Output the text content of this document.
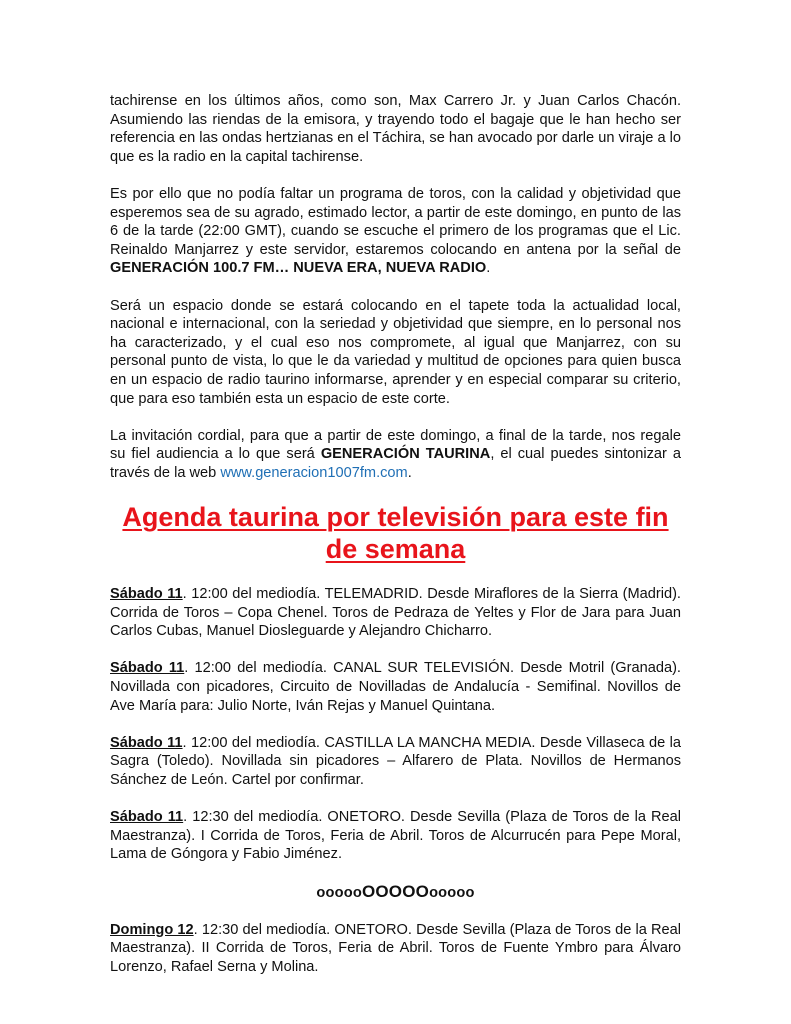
tachirense en los últimos años, como son, Max Carrero Jr. y Juan Carlos Chacón. Asumiendo las riendas de la emisora, y trayendo todo el bagaje que le han hecho ser referencia en las ondas hertzianas en el Táchira, se han avocado por darle un viraje a lo que es la radio en la capital tachirense.

Es por ello que no podía faltar un programa de toros, con la calidad y objetividad que esperemos sea de su agrado, estimado lector, a partir de este domingo, en punto de las 6 de la tarde (22:00 GMT), cuando se escuche el primero de los programas que el Lic. Reinaldo Manjarrez y este servidor, estaremos colocando en antena por la señal de GENERACIÓN 100.7 FM… NUEVA ERA, NUEVA RADIO.

Será un espacio donde se estará colocando en el tapete toda la actualidad local, nacional e internacional, con la seriedad y objetividad que siempre, en lo personal nos ha caracterizado, y el cual eso nos compromete, al igual que Manjarrez, con su personal punto de vista, lo que le da variedad y multitud de opciones para quien busca en un espacio de radio taurino informarse, aprender y en especial comparar su criterio, que para eso también esta un espacio de este corte.

La invitación cordial, para que a partir de este domingo, a final de la tarde, nos regale su fiel audiencia a lo que será GENERACIÓN TAURINA, el cual puedes sintonizar a través de la web www.generacion1007fm.com.

Agenda taurina por televisión para este fin de semana

Sábado 11. 12:00 del mediodía. TELEMADRID. Desde Miraflores de la Sierra (Madrid). Corrida de Toros – Copa Chenel. Toros de Pedraza de Yeltes y Flor de Jara para Juan Carlos Cubas, Manuel Diosleguarde y Alejandro Chicharro.

Sábado 11. 12:00 del mediodía. CANAL SUR TELEVISIÓN. Desde Motril (Granada). Novillada con picadores, Circuito de Novilladas de Andalucía - Semifinal. Novillos de Ave María para: Julio Norte, Iván Rejas y Manuel Quintana.

Sábado 11. 12:00 del mediodía. CASTILLA LA MANCHA MEDIA. Desde Villaseca de la Sagra (Toledo). Novillada sin picadores – Alfarero de Plata. Novillos de Hermanos Sánchez de León. Cartel por confirmar.

Sábado 11. 12:30 del mediodía. ONETORO. Desde Sevilla (Plaza de Toros de la Real Maestranza). I Corrida de Toros, Feria de Abril. Toros de Alcurrucén para Pepe Moral, Lama de Góngora y Fabio Jiménez.

oooooOOOOOooooo

Domingo 12. 12:30 del mediodía. ONETORO. Desde Sevilla (Plaza de Toros de la Real Maestranza). II Corrida de Toros, Feria de Abril. Toros de Fuente Ymbro para Álvaro Lorenzo, Rafael Serna y Molina.
